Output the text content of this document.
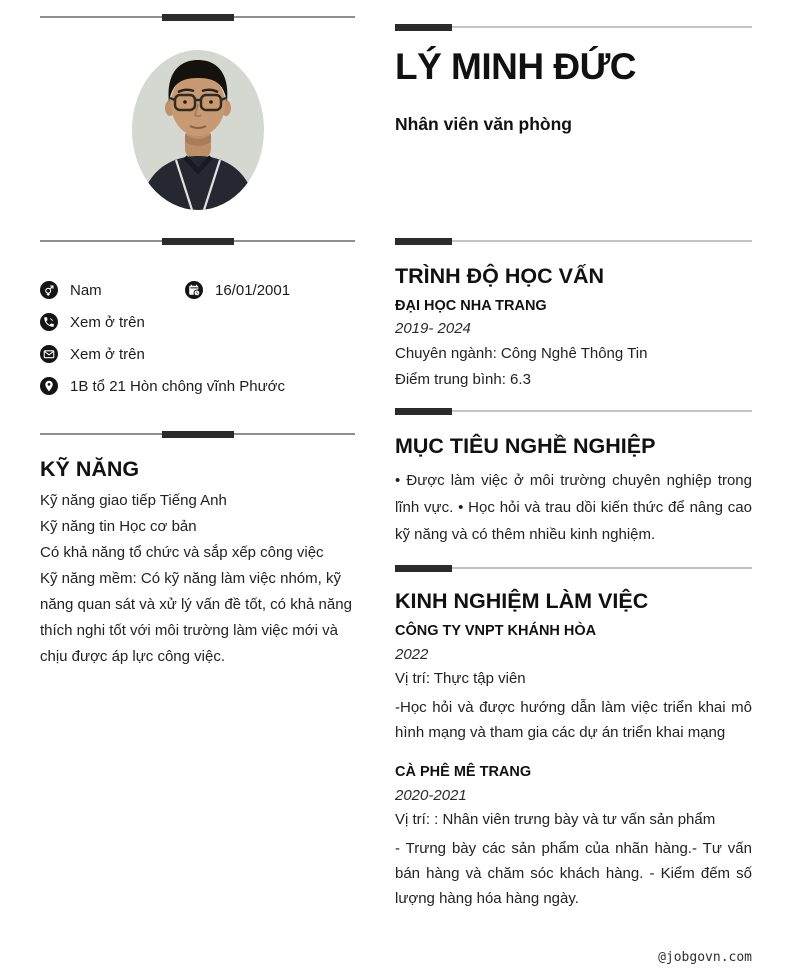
Nam	16/01/2001
Xem ở trên
Xem ở trên
1B tổ 21 Hòn chông vĩnh Phước
KỸ NĂNG

Kỹ năng giao tiếp Tiếng Anh

Kỹ năng tin Học cơ bản

Có khả năng tổ chức và sắp xếp công việc

Kỹ năng mềm: Có kỹ năng làm việc nhóm, kỹ năng quan sát và xử lý vấn đề tốt, có khả năng thích nghi tốt với môi trường làm việc mới và chịu được áp lực công việc.

LÝ MINH ĐỨC
Nhân viên văn phòng
TRÌNH ĐỘ HỌC VẤN
ĐẠI HỌC NHA TRANG

2019- 2024

Chuyên ngành: Công Nghê Thông Tin

Điểm trung bình: 6.3

MỤC TIÊU NGHỀ NGHIỆP

• Được làm việc ở môi trường chuyên nghiệp trong lĩnh vực. • Học hỏi và trau dồi kiến thức để nâng cao kỹ năng và có thêm nhiều kinh nghiệm.

KINH NGHIỆM LÀM VIỆC
CÔNG TY VNPT KHÁNH HÒA

2022

Vị trí: Thực tập viên

-Học hỏi và được hướng dẫn làm việc triển khai mô hình mạng và tham gia các dự án triển khai mạng

CÀ PHÊ MÊ TRANG

2020-2021

Vị trí: : Nhân viên trưng bày và tư vấn sản phẩm

- Trưng bày các sản phẩm của nhãn hàng.- Tư vấn bán hàng và chăm sóc khách hàng. - Kiểm đếm số lượng hàng hóa hàng ngày.

@jobgovn.com
